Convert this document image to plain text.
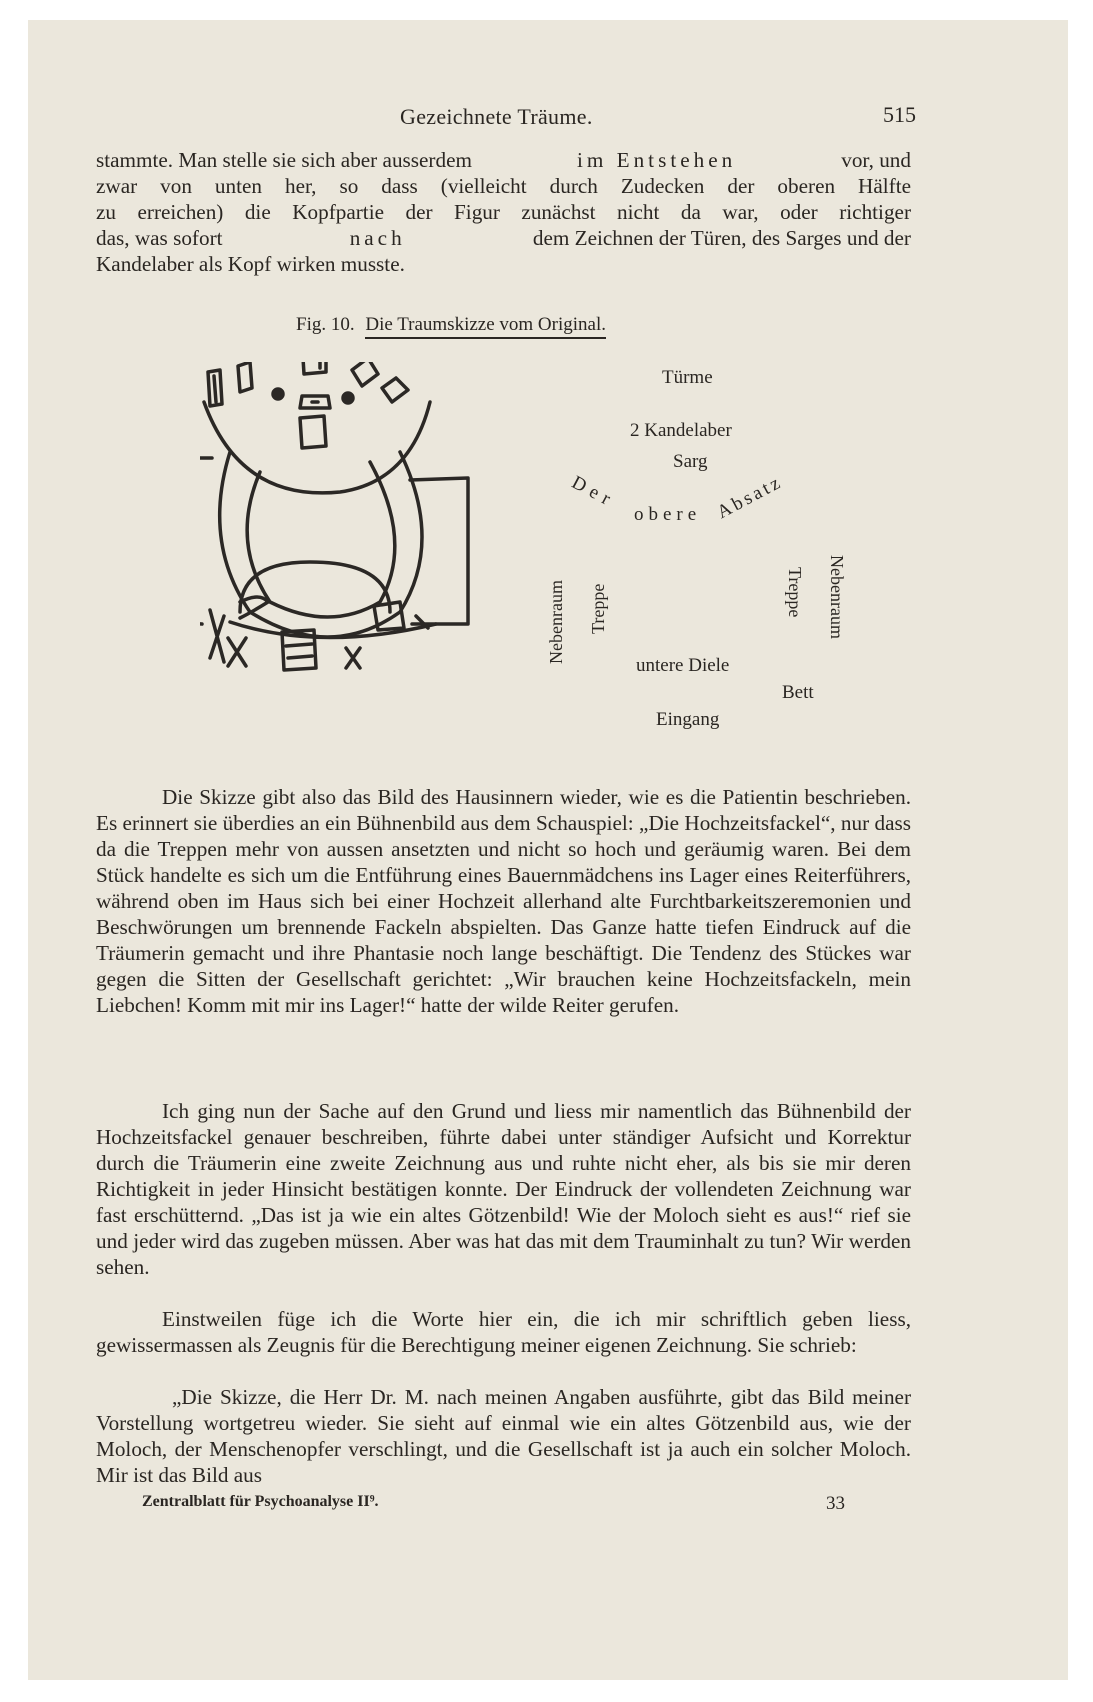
Gezeichnete Träume.	515
stammte. Man stelle sie sich aber ausserdem	im Entstehen	vor, und
zwar von unten her, so dass (vielleicht durch Zudecken der oberen Hälfte
zu erreichen) die Kopfpartie der Figur zunächst nicht da war, oder richtiger
das, was sofort	nach	dem Zeichnen der Türen, des Sarges und der
Kandelaber als Kopf wirken musste.
Fig. 10. Die Traumskizze vom Original.
Türme
2 Kandelaber
Sarg
Der
obere Absatz
Nebenraum Treppe	Treppe Nebenraum
untere Diele
Bett
Eingang

Die Skizze gibt also das Bild des Hausinnern wieder, wie es die Patientin beschrieben. Es erinnert sie überdies an ein Bühnenbild aus dem Schauspiel: „Die Hochzeitsfackel“, nur dass da die Treppen mehr von aussen ansetzten und nicht so hoch und geräumig waren. Bei dem Stück handelte es sich um die Entführung eines Bauernmädchens ins Lager eines Reiterführers, während oben im Haus sich bei einer Hochzeit allerhand alte Furchtbarkeitszeremonien und Beschwörungen um brennende Fackeln abspielten. Das Ganze hatte tiefen Eindruck auf die Träumerin gemacht und ihre Phantasie noch lange beschäftigt. Die Tendenz des Stückes war gegen die Sitten der Gesellschaft gerichtet: „Wir brauchen keine Hochzeitsfackeln, mein Liebchen! Komm mit mir ins Lager!“ hatte der wilde Reiter gerufen.

Ich ging nun der Sache auf den Grund und liess mir namentlich das Bühnenbild der Hochzeitsfackel genauer beschreiben, führte dabei unter ständiger Aufsicht und Korrektur durch die Träumerin eine zweite Zeichnung aus und ruhte nicht eher, als bis sie mir deren Richtigkeit in jeder Hinsicht bestätigen konnte. Der Eindruck der vollendeten Zeichnung war fast erschütternd. „Das ist ja wie ein altes Götzenbild! Wie der Moloch sieht es aus!“ rief sie und jeder wird das zugeben müssen. Aber was hat das mit dem Trauminhalt zu tun? Wir werden sehen.

Einstweilen füge ich die Worte hier ein, die ich mir schriftlich geben liess, gewissermassen als Zeugnis für die Berechtigung meiner eigenen Zeichnung. Sie schrieb:

„Die Skizze, die Herr Dr. M. nach meinen Angaben ausführte, gibt das Bild meiner Vorstellung wortgetreu wieder. Sie sieht auf einmal wie ein altes Götzenbild aus, wie der Moloch, der Menschenopfer verschlingt, und die Gesellschaft ist ja auch ein solcher Moloch. Mir ist das Bild aus

Zentralblatt für Psychoanalyse II⁹.	33
